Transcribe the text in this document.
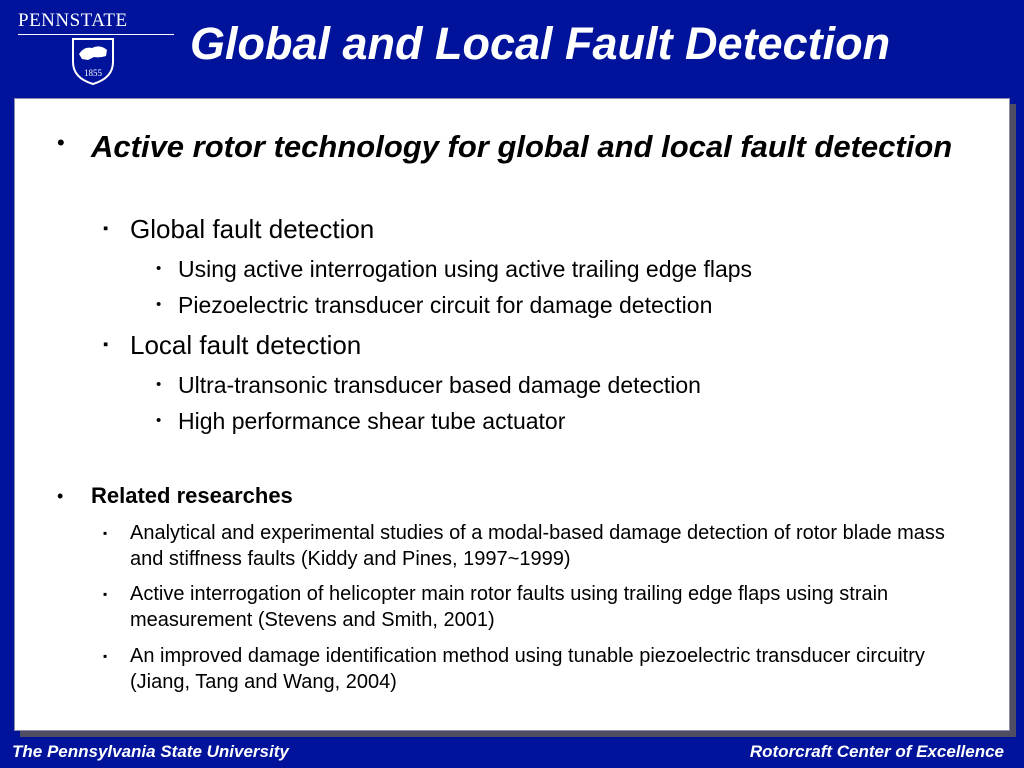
PENNSTATE
1855
Global and Local Fault Detection
• Active rotor technology for global and local fault detection
▪ Global fault detection
• Using active interrogation using active trailing edge flaps
• Piezoelectric transducer circuit for damage detection
▪ Local fault detection
• Ultra-transonic transducer based damage detection
• High performance shear tube actuator
•	Related researches
▪	Analytical and experimental studies of a modal-based damage detection of rotor blade mass and stiffness faults (Kiddy and Pines, 1997~1999)
▪	Active interrogation of helicopter main rotor faults using trailing edge flaps using strain measurement (Stevens and Smith, 2001)
▪	An improved damage identification method using tunable piezoelectric transducer circuitry (Jiang, Tang and Wang, 2004)
The Pennsylvania State University	Rotorcraft Center of Excellence
